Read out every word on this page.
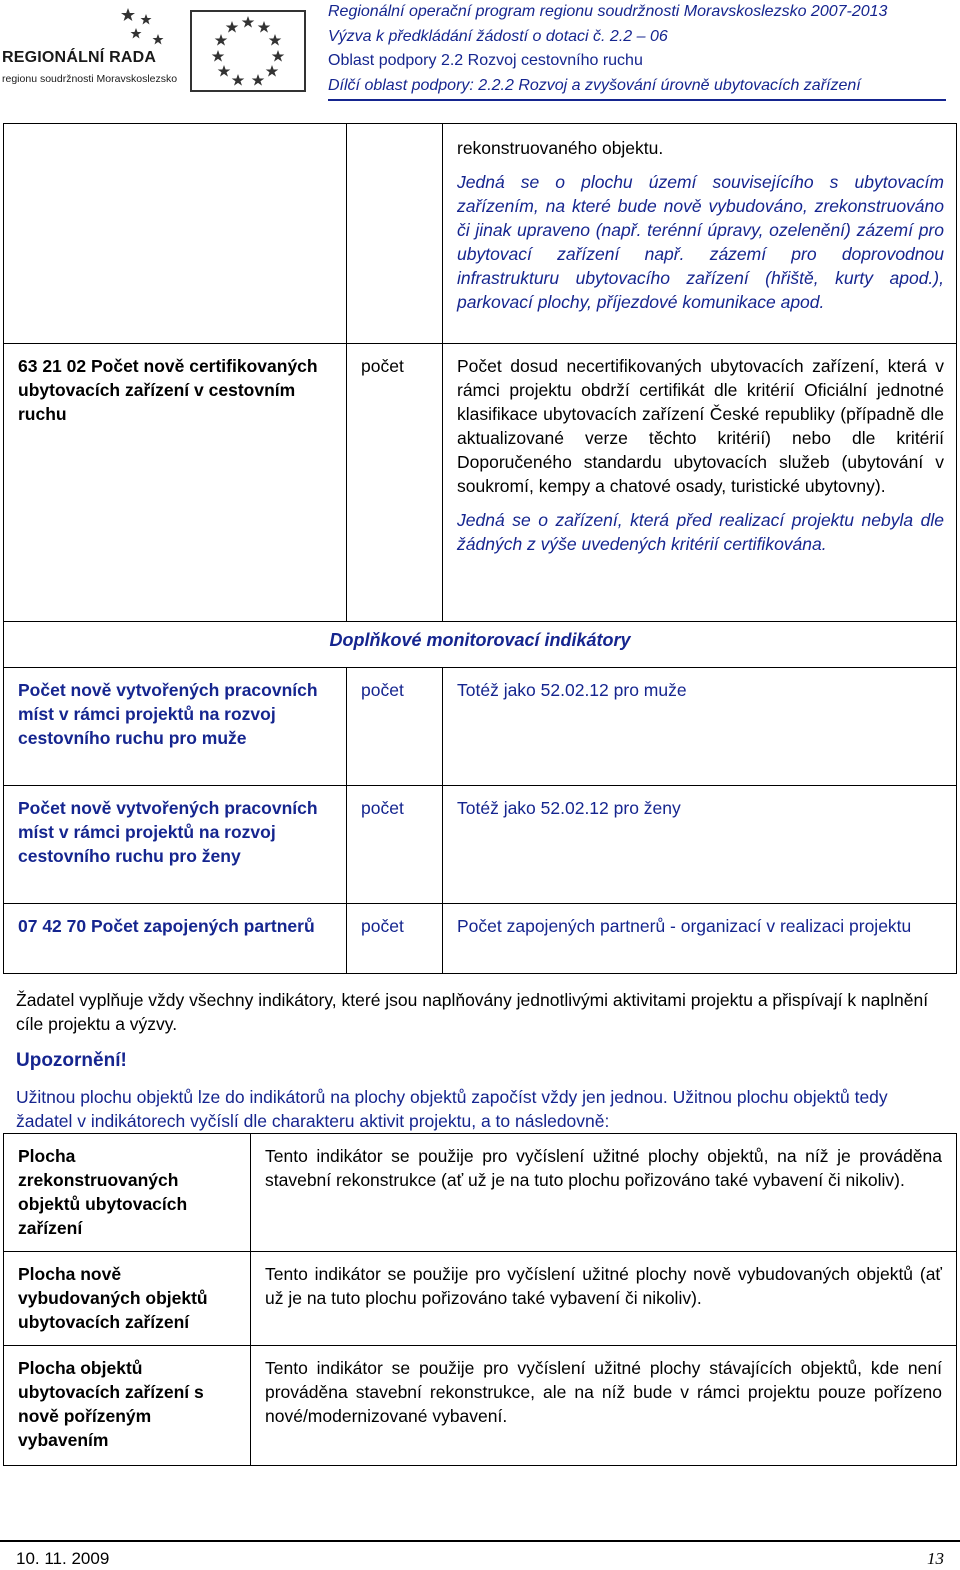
REGIONÁLNÍ RADA
regionu soudržnosti Moravskoslezsko
Regionální operační program regionu soudržnosti Moravskoslezsko 2007-2013
Výzva k předkládání žádostí o dotaci č. 2.2 – 06
Oblast podpory 2.2 Rozvoj cestovního ruchu
Dílčí oblast podpory: 2.2.2 Rozvoj a zvyšování úrovně ubytovacích zařízení

		rekonstruovaného objektu.
Jedná se o plochu území souvisejícího s ubytovacím zařízením, na které bude nově vybudováno, zrekonstruováno či jinak upraveno (např. terénní úpravy, ozelenění) zázemí pro ubytovací zařízení např. zázemí pro doprovodnou infrastrukturu ubytovacího zařízení (hřiště, kurty apod.), parkovací plochy, příjezdové komunikace apod.

63 21 02 Počet nově certifikovaných ubytovacích zařízení v cestovním ruchu	počet	Počet dosud necertifikovaných ubytovacích zařízení, která v rámci projektu obdrží certifikát dle kritérií Oficiální jednotné klasifikace ubytovacích zařízení České republiky (případně dle aktualizované verze těchto kritérií) nebo dle kritérií Doporučeného standardu ubytovacích služeb (ubytování v soukromí, kempy a chatové osady, turistické ubytovny).
Jedná se o zařízení, která před realizací projektu nebyla dle žádných z výše uvedených kritérií certifikována.

Doplňkové monitorovací indikátory		
Počet nově vytvořených pracovních míst v rámci projektů na rozvoj cestovního ruchu pro muže	počet	Totéž jako 52.02.12 pro muže
Počet nově vytvořených pracovních míst v rámci projektů na rozvoj cestovního ruchu pro ženy	počet	Totéž jako 52.02.12 pro ženy
07 42 70 Počet zapojených partnerů	počet	Počet zapojených partnerů - organizací v realizaci projektu
Žadatel vyplňuje vždy všechny indikátory, které jsou naplňovány jednotlivými aktivitami projektu a přispívají k naplnění cíle projektu a výzvy.
Upozornění!
Užitnou plochu objektů lze do indikátorů na plochy objektů započíst vždy jen jednou. Užitnou plochu objektů tedy žadatel v indikátorech vyčíslí dle charakteru aktivit projektu, a to následovně:
Plocha zrekonstruovaných objektů ubytovacích zařízení	Tento indikátor se použije pro vyčíslení užitné plochy objektů, na níž je prováděna stavební rekonstrukce (ať už je na tuto plochu pořizováno také vybavení či nikoliv).
Plocha nově vybudovaných objektů ubytovacích zařízení	Tento indikátor se použije pro vyčíslení užitné plochy nově vybudovaných objektů (ať už je na tuto plochu pořizováno také vybavení či nikoliv).
Plocha objektů ubytovacích zařízení s nově pořízeným vybavením	Tento indikátor se použije pro vyčíslení užitné plochy stávajících objektů, kde není prováděna stavební rekonstrukce, ale na níž bude v rámci projektu pouze pořízeno nové/modernizované vybavení.
10. 11. 2009	13
